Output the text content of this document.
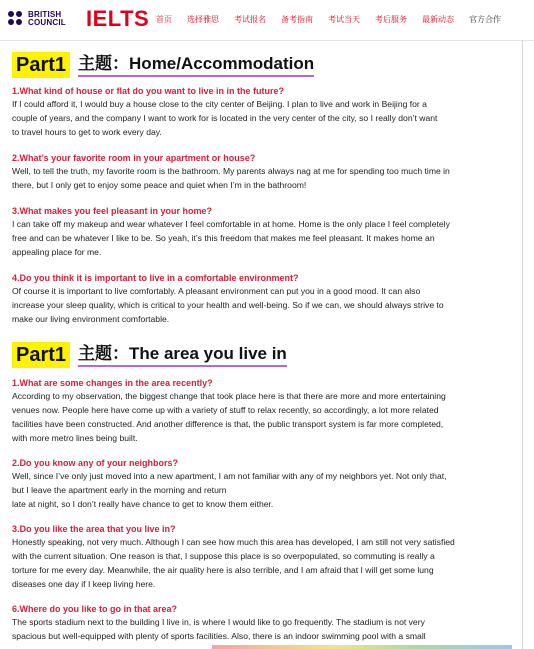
BRITISH
COUNCIL IELTS 首页 选择雅思 考试报名 备考指南 考试当天 考后服务 最新动态 官方合作
Part1 主题：Home/Accommodation
1.What kind of house or flat do you want to live in in the future?
If I could afford it, I would buy a house close to the city center of Beijing. I plan to live and work in Beijing for a
couple of years, and the company I want to work for is located in the very center of the city, so I really don’t want
to travel hours to get to work every day.
2.What’s your favorite room in your apartment or house?
Well, to tell the truth, my favorite room is the bathroom. My parents always nag at me for spending too much time in
there, but I only get to enjoy some peace and quiet when I’m in the bathroom!
3.What makes you feel pleasant in your home?
I can take off my makeup and wear whatever I feel comfortable in at home. Home is the only place I feel completely
free and can be whatever I like to be. So yeah, it’s this freedom that makes me feel pleasant. It makes home an
appealing place for me.
4.Do you think it is important to live in a comfortable environment?
Of course it is important to live comfortably. A pleasant environment can put you in a good mood. It can also
increase your sleep quality, which is critical to your health and well-being. So if we can, we should always strive to
make our living environment comfortable.
Part1 主题：The area you live in
1.What are some changes in the area recently?
According to my observation, the biggest change that took place here is that there are more and more entertaining
venues now. People here have come up with a variety of stuff to relax recently, so accordingly, a lot more related
facilities have been constructed. And another difference is that, the public transport system is far more completed,
with more metro lines being built.
2.Do you know any of your neighbors?
Well, since I’ve only just moved into a new apartment, I am not familiar with any of my neighbors yet. Not only that,
but I leave the apartment early in the morning and return
late at night, so I don’t really have chance to get to know them either.
3.Do you like the area that you live in?
Honestly speaking, not very much. Although I can see how much this area has developed, I am still not very satisfied
with the current situation. One reason is that, I suppose this place is so overpopulated, so commuting is really a
torture for me every day. Meanwhile, the air quality here is also terrible, and I am afraid that I will get some lung
diseases one day if I keep living here.
6.Where do you like to go in that area?
The sports stadium next to the building I live in, is where I would like to go frequently. The stadium is not very
spacious but well-equipped with plenty of sports facilities. Also, there is an indoor swimming pool with a small
